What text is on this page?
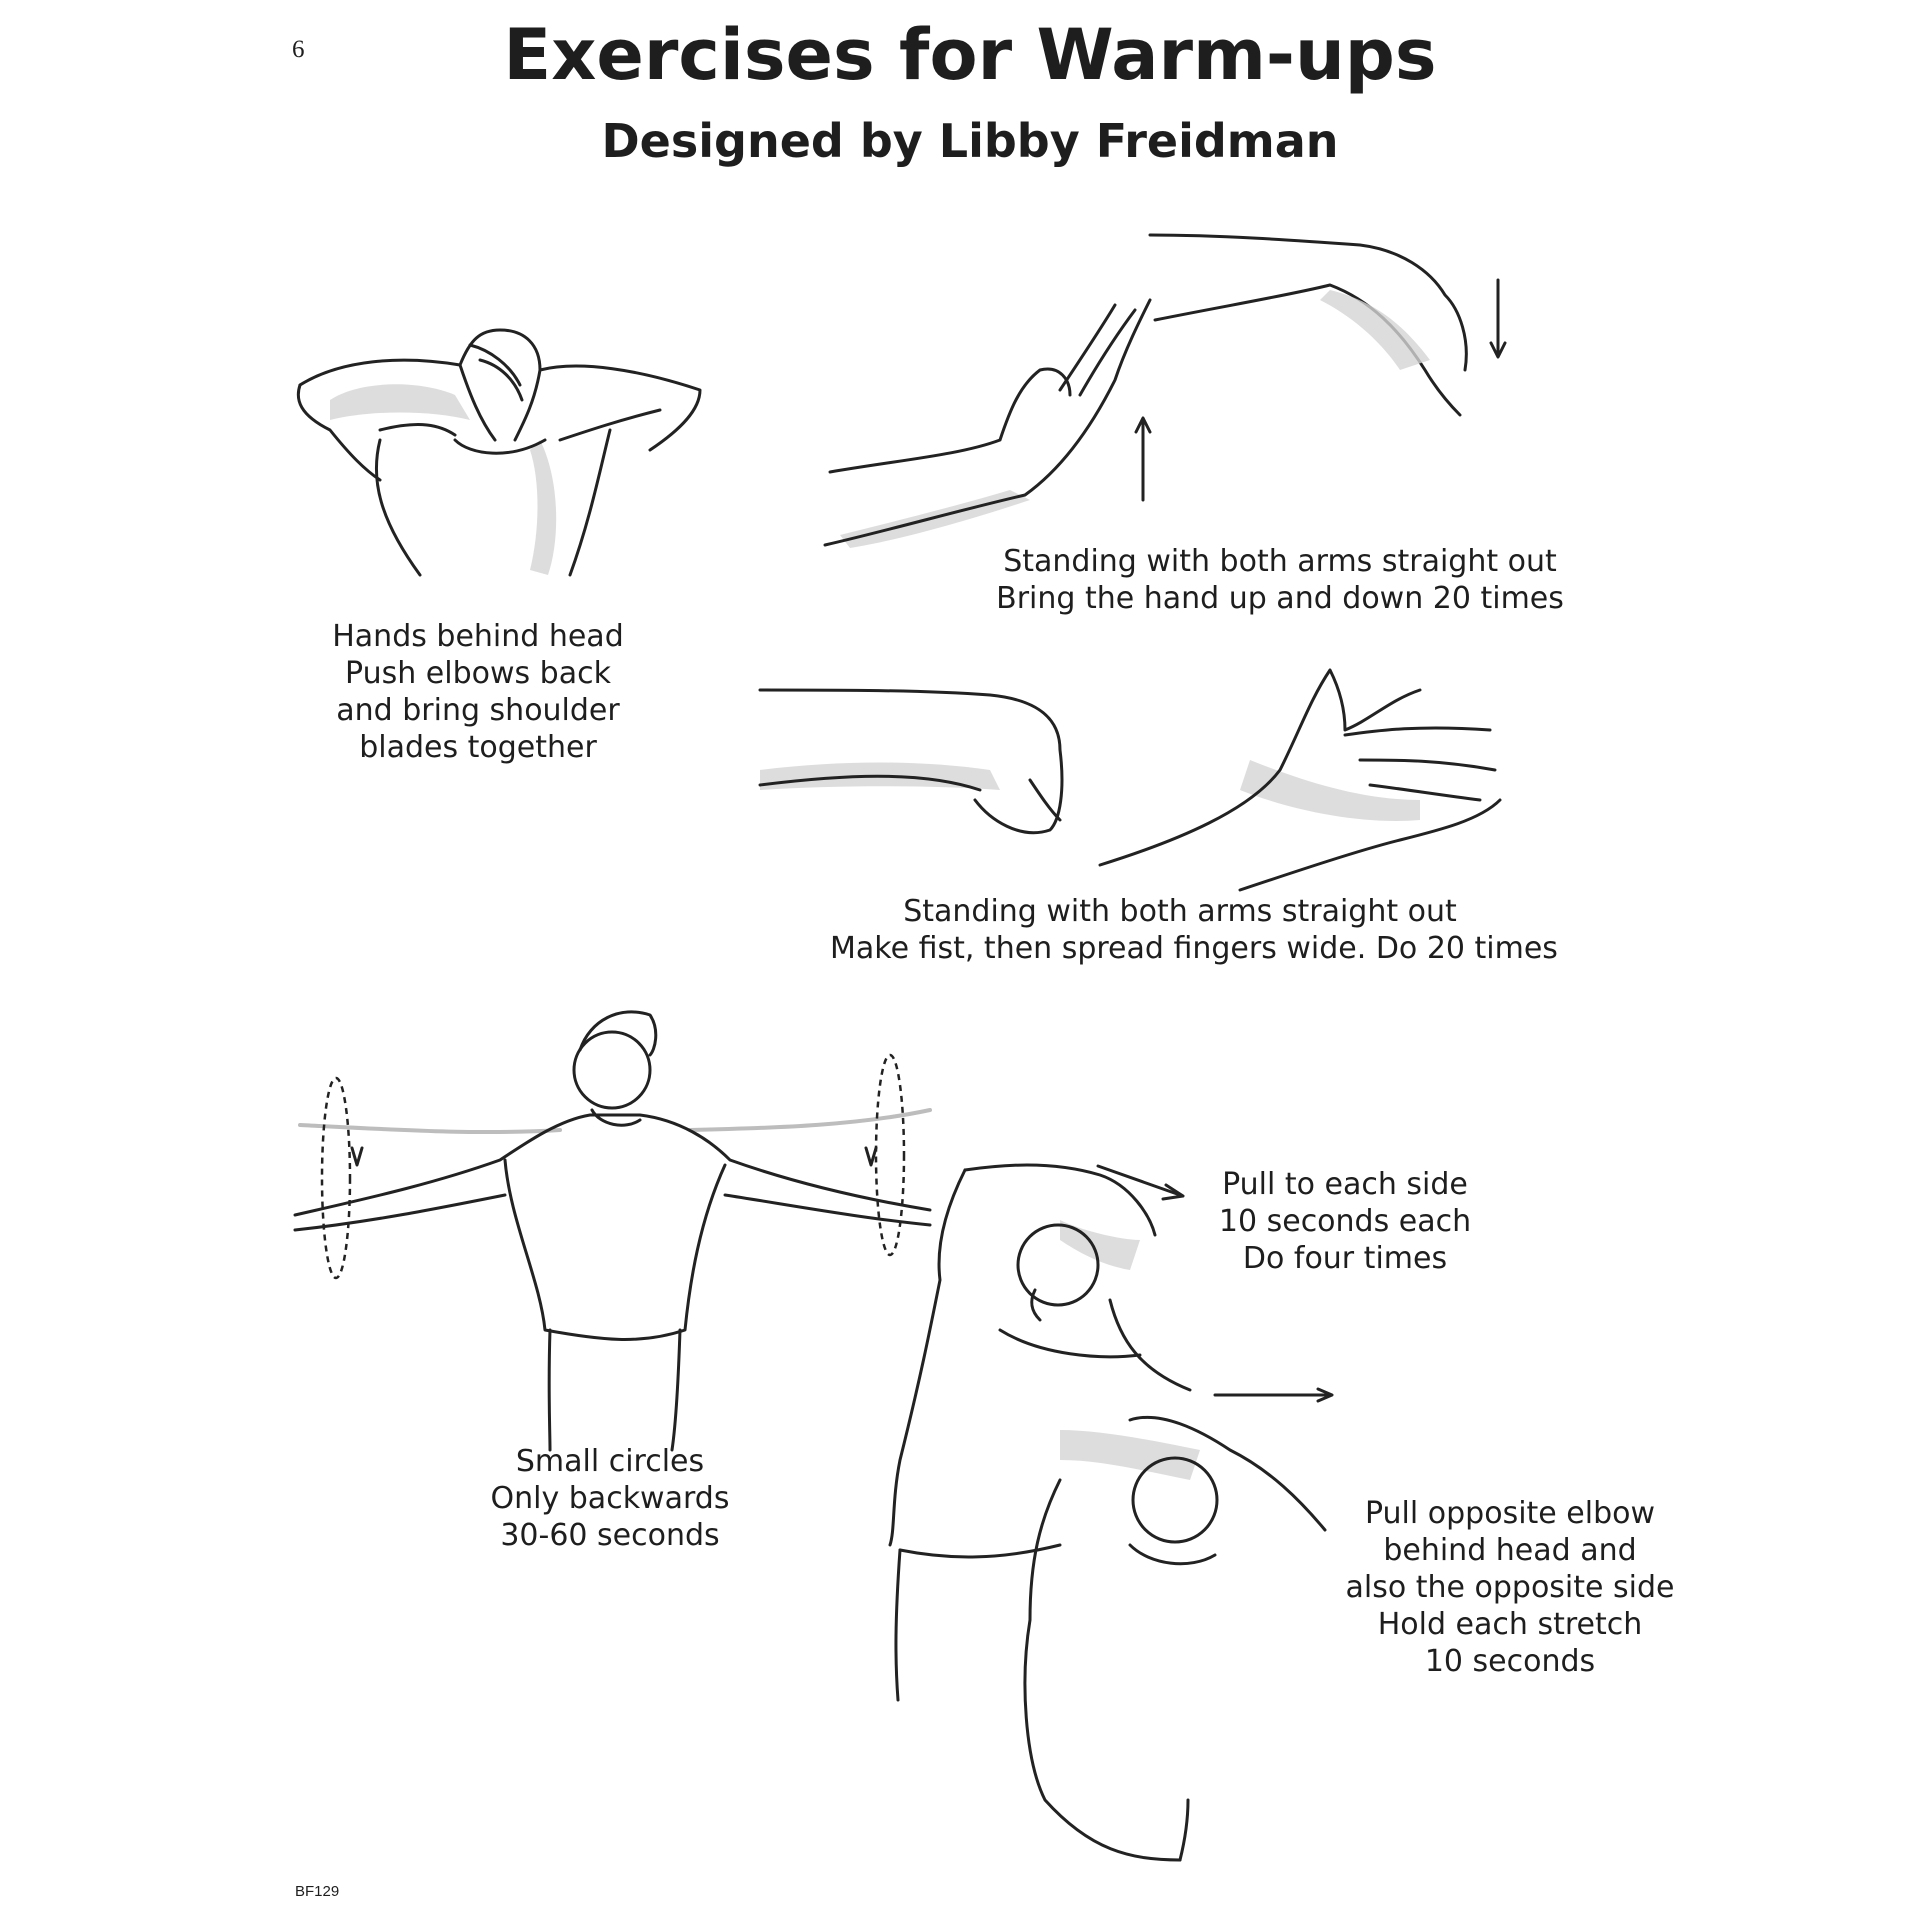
6	Exercises for Warm-ups
Designed by Libby Freidman
Hands behind head
Push elbows back
and bring shoulder
blades together
Standing with both arms straight out
Bring the hand up and down 20 times
Standing with both arms straight out
Make fist, then spread fingers wide. Do 20 times
Small circles
Only backwards
30-60 seconds
Pull to each side
10 seconds each
Do four times
Pull opposite elbow
behind head and
also the opposite side
Hold each stretch
10 seconds
BF129
